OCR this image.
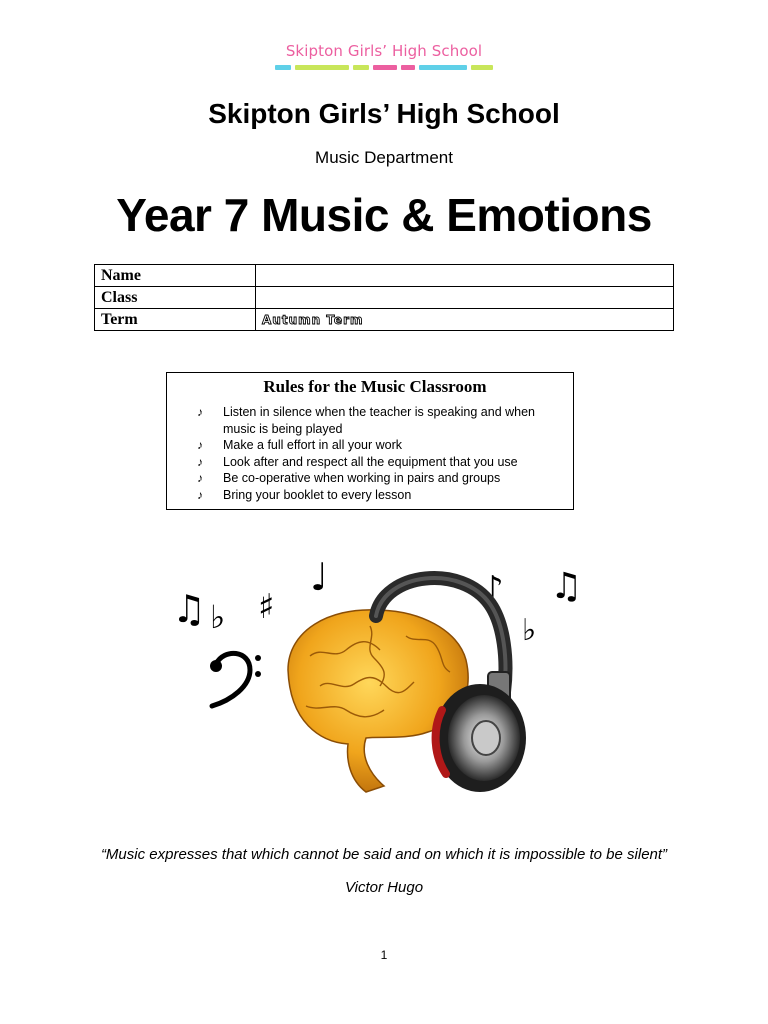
Skipton Girls’ High School
Skipton Girls’ High School
Music Department
Year 7 Music & Emotions
Name	
Class	
Term	Autumn Term
Rules for the Music Classroom
♪ Listen in silence when the teacher is speaking and when music is being played
♪ Make a full effort in all your work
♪ Look after and respect all the equipment that you use
♪ Be co-operative when working in pairs and groups
♪ Bring your booklet to every lesson
♫ ♭ ♯
♩	♪ ♫
♭
“Music expresses that which cannot be said and on which it is impossible to be silent”
Victor Hugo
1
